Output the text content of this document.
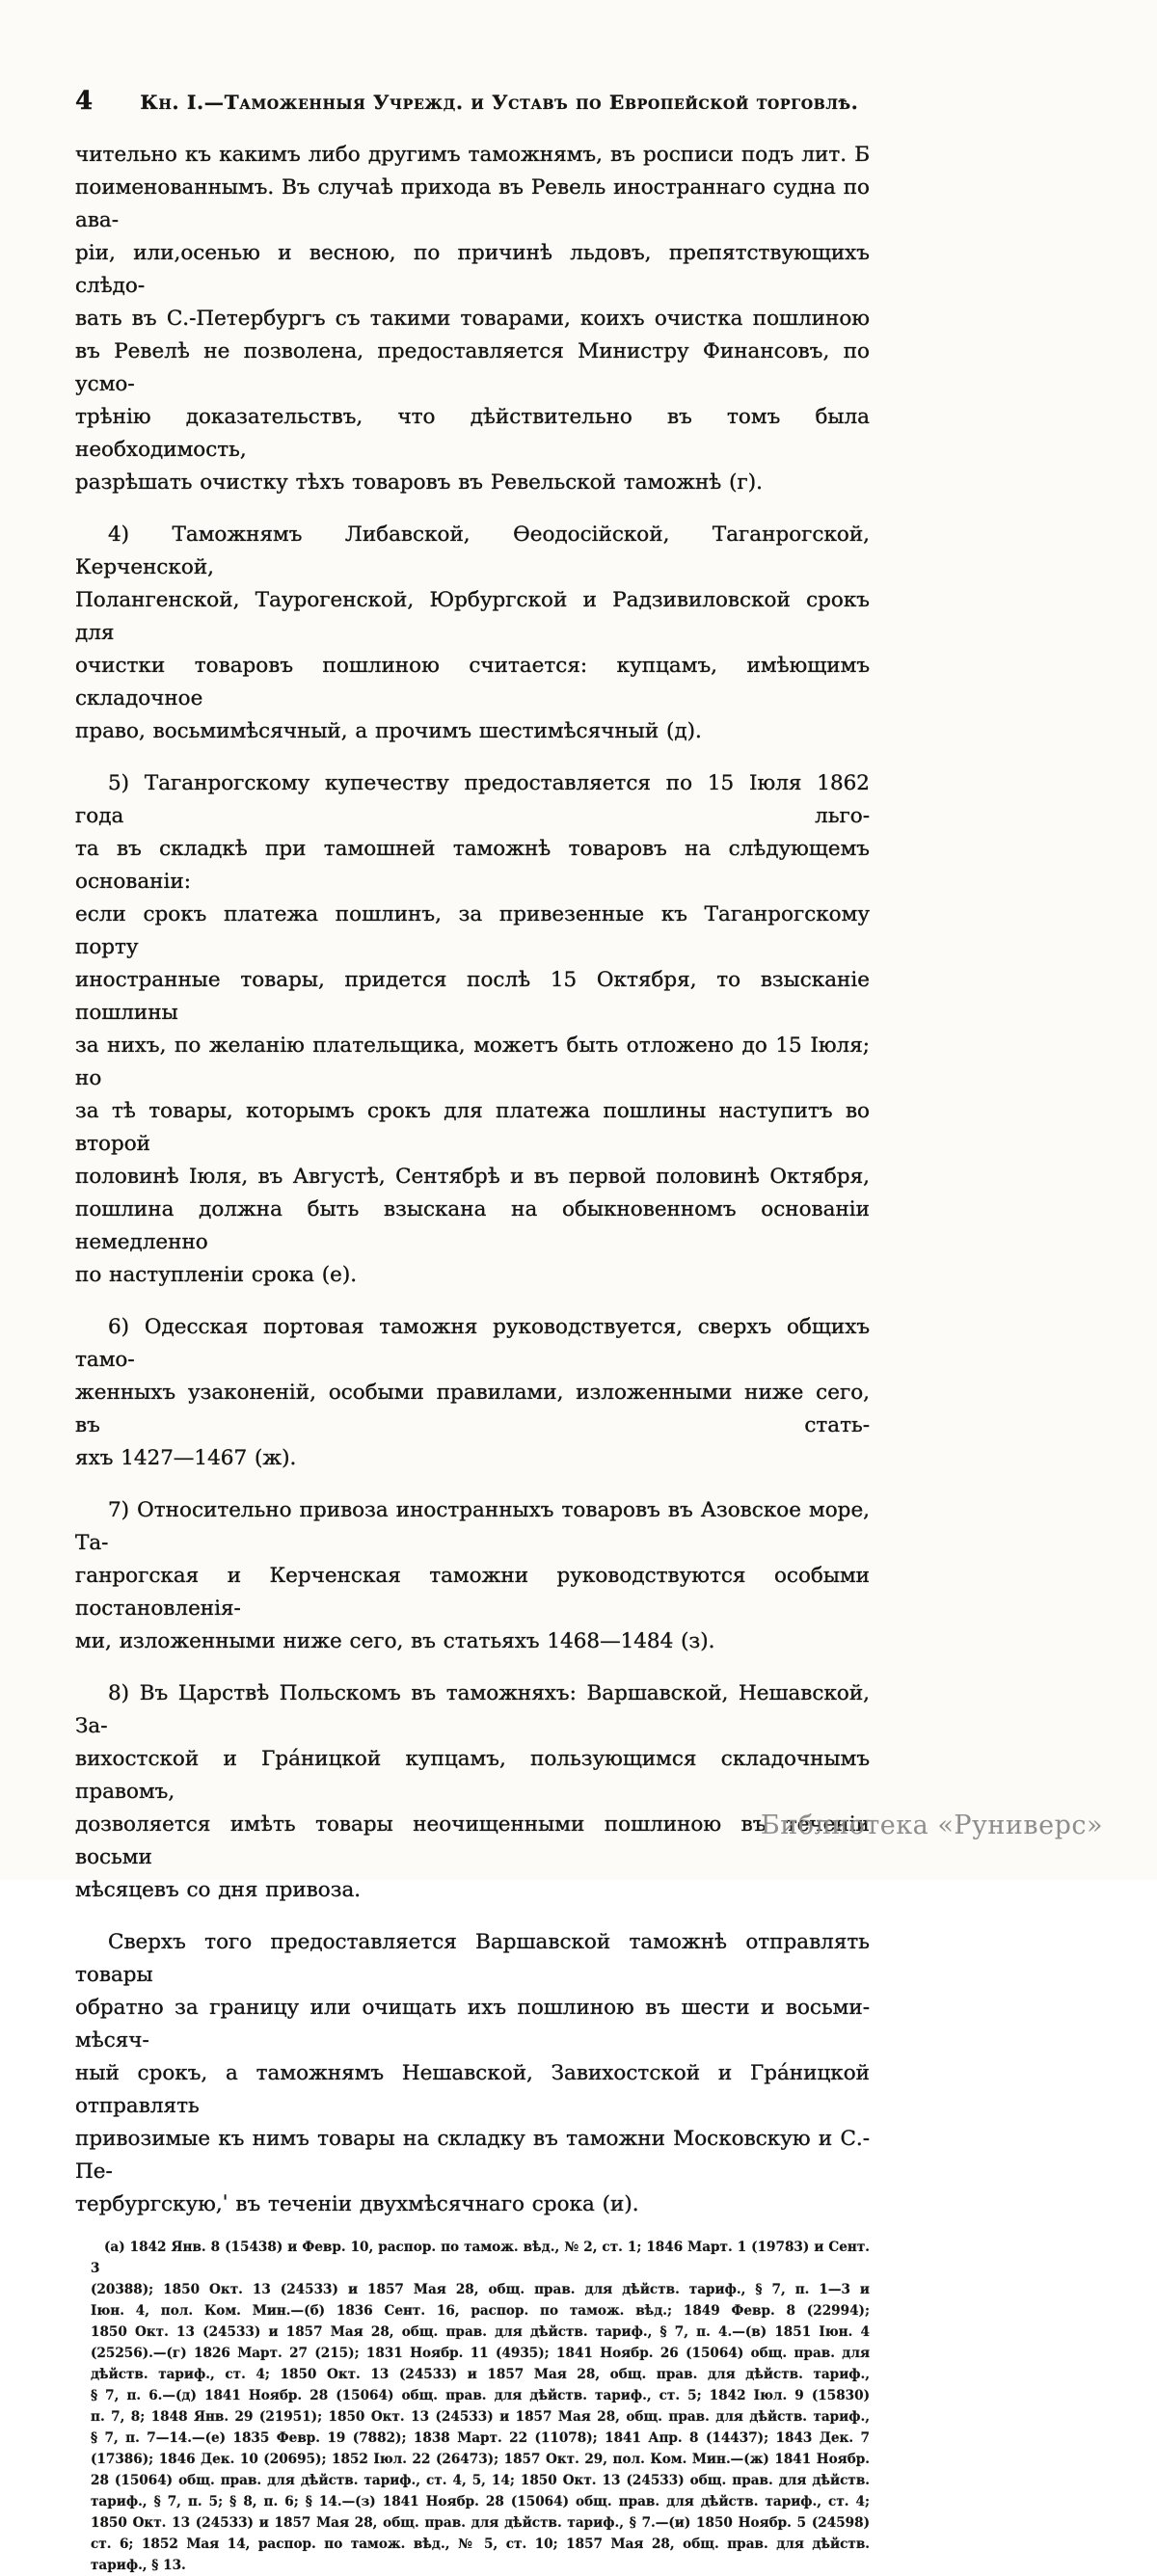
4	Кн. I.—Таможенныя Учрежд. и Уставъ по Европейской торговлѣ.
чительно къ какимъ либо другимъ таможнямъ, въ росписи подъ лит. Б
поименованнымъ. Въ случаѣ прихода въ Ревель иностраннаго судна по ава-
ріи, или,осенью и весною, по причинѣ льдовъ, препятствующихъ слѣдо-
вать въ С.-Петербургъ съ такими товарами, коихъ очистка пошлиною
въ Ревелѣ не позволена, предоставляется Министру Финансовъ, по усмо-
трѣнію доказательствъ, что дѣйствительно въ томъ была необходимость,
разрѣшать очистку тѣхъ товаровъ въ Ревельской таможнѣ (г).
4) Таможнямъ Либавской, Ѳеодосійской, Таганрогской, Керченской,
Полангенской, Таурогенской, Юрбургской и Радзивиловской срокъ для
очистки товаровъ пошлиною считается: купцамъ, имѣющимъ складочное
право, восьмимѣсячный, а прочимъ шестимѣсячный (д).
5) Таганрогскому купечеству предоставляется по 15 Іюля 1862 года льго-
та въ складкѣ при тамошней таможнѣ товаровъ на слѣдующемъ основаніи:
если срокъ платежа пошлинъ, за привезенные къ Таганрогскому порту
иностранные товары, придется послѣ 15 Октября, то взысканіе пошлины
за нихъ, по желанію плательщика, можетъ быть отложено до 15 Іюля; но
за тѣ товары, которымъ срокъ для платежа пошлины наступитъ во второй
половинѣ Іюля, въ Августѣ, Сентябрѣ и въ первой половинѣ Октября,
пошлина должна быть взыскана на обыкновенномъ основаніи немедленно
по наступленіи срока (е).
6) Одесская портовая таможня руководствуется, сверхъ общихъ тамо-
женныхъ узаконеній, особыми правилами, изложенными ниже сего, въ стать-
яхъ 1427—1467 (ж).
7) Относительно привоза иностранныхъ товаровъ въ Азовское море, Та-
ганрогская и Керченская таможни руководствуются особыми постановленія-
ми, изложенными ниже сего, въ статьяхъ 1468—1484 (з).
8) Въ Царствѣ Польскомъ въ таможняхъ: Варшавской, Нешавской, За-
вихостской и Гра́ницкой купцамъ, пользующимся складочнымъ правомъ,
дозволяется имѣть товары неочищенными пошлиною въ теченіи восьми
мѣсяцевъ со дня привоза.
Сверхъ того предоставляется Варшавской таможнѣ отправлять товары
обратно за границу или очищать ихъ пошлиною въ шести и восьми-мѣсяч-
ный срокъ, а таможнямъ Нешавской, Завихостской и Гра́ницкой отправлять
привозимые къ нимъ товары на складку въ таможни Московскую и С.-Пе-
тербургскую,ˈ въ теченіи двухмѣсячнаго срока (и).
(а) 1842 Янв. 8 (15438) и Февр. 10, распор. по тамож. вѣд., № 2, ст. 1; 1846 Март. 1 (19783) и Сент. 3
(20388); 1850 Окт. 13 (24533) и 1857 Мая 28, общ. прав. для дѣйств. тариф., § 7, п. 1—3 и
Іюн. 4, пол. Ком. Мин.—(б) 1836 Сент. 16, распор. по тамож. вѣд.; 1849 Февр. 8 (22994);
1850 Окт. 13 (24533) и 1857 Мая 28, общ. прав. для дѣйств. тариф., § 7, п. 4.—(в) 1851 Іюн. 4
(25256).—(г) 1826 Март. 27 (215); 1831 Ноябр. 11 (4935); 1841 Ноябр. 26 (15064) общ. прав. для
дѣйств. тариф., ст. 4; 1850 Окт. 13 (24533) и 1857 Мая 28, общ. прав. для дѣйств. тариф.,
§ 7, п. 6.—(д) 1841 Ноябр. 28 (15064) общ. прав. для дѣйств. тариф., ст. 5; 1842 Іюл. 9 (15830)
п. 7, 8; 1848 Янв. 29 (21951); 1850 Окт. 13 (24533) и 1857 Мая 28, общ. прав. для дѣйств. тариф.,
§ 7, п. 7—14.—(е) 1835 Февр. 19 (7882); 1838 Март. 22 (11078); 1841 Апр. 8 (14437); 1843 Дек. 7
(17386); 1846 Дек. 10 (20695); 1852 Іюл. 22 (26473); 1857 Окт. 29, пол. Ком. Мин.—(ж) 1841 Ноябр.
28 (15064) общ. прав. для дѣйств. тариф., ст. 4, 5, 14; 1850 Окт. 13 (24533) общ. прав. для дѣйств.
тариф., § 7, п. 5; § 8, п. 6; § 14.—(з) 1841 Ноябр. 28 (15064) общ. прав. для дѣйств. тариф., ст. 4;
1850 Окт. 13 (24533) и 1857 Мая 28, общ. прав. для дѣйств. тариф., § 7.—(и) 1850 Ноябр. 5 (24598)
ст. 6; 1852 Мая 14, распор. по тамож. вѣд., № 5, ст. 10; 1857 Мая 28, общ. прав. для дѣйств.
тариф., § 13.
Библиотека «Руниверс»
